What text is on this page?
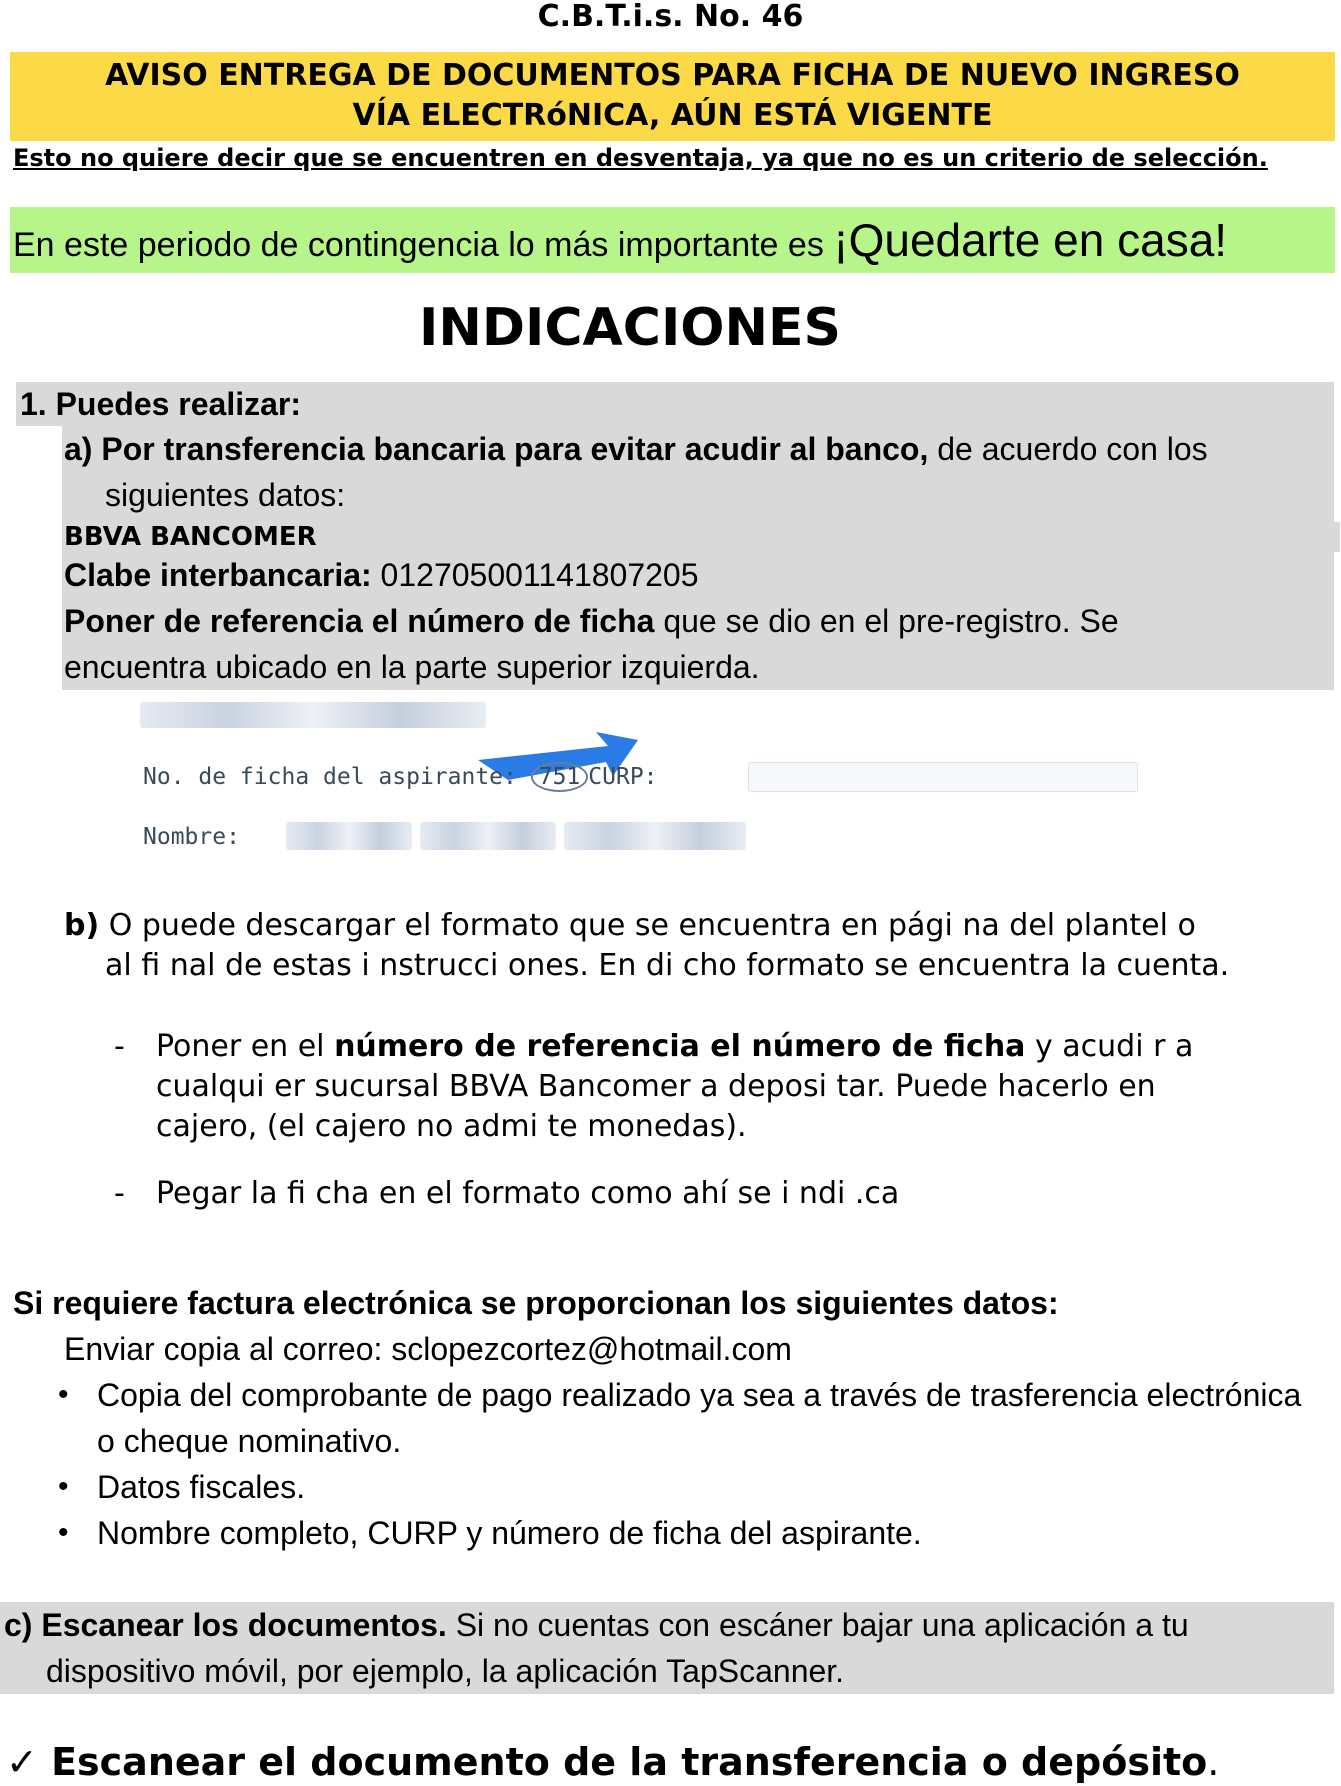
C.B.T.i.s. No. 46
AVISO ENTREGA DE DOCUMENTOS PARA FICHA DE NUEVO INGRESO
VÍA ELECTRóNICA, AÚN ESTÁ VIGENTE
Esto no quiere decir que se encuentren en desventaja, ya que no es un criterio de selección.
En este periodo de contingencia lo más importante es ¡Quedarte en casa!
INDICACIONES
1. Puedes realizar:
a) Por transferencia bancaria para evitar acudir al banco, de acuerdo con los
siguientes datos:
BBVA BANCOMER
Clabe interbancaria: 012705001141807205
Poner de referencia el número de ficha que se dio en el pre-registro. Se
encuentra ubicado en la parte superior izquierda.
No. de ficha del aspirante: 751 CURP:
Nombre:
b) O puede descargar el formato que se encuentra en pági na del plantel o
al fi nal de estas i nstrucci ones. En di cho formato se encuentra la cuenta.
- Poner en el número de referencia el número de ficha y acudi r a
cualqui er sucursal BBVA Bancomer a deposi tar. Puede hacerlo en
cajero, (el cajero no admi te monedas).
- Pegar la fi cha en el formato como ahí se i ndi .ca
Si requiere factura electrónica se proporcionan los siguientes datos:
Enviar copia al correo: sclopezcortez@hotmail.com
• Copia del comprobante de pago realizado ya sea a través de trasferencia electrónica
o cheque nominativo.
• Datos fiscales.
• Nombre completo, CURP y número de ficha del aspirante.
c) Escanear los documentos. Si no cuentas con escáner bajar una aplicación a tu
dispositivo móvil, por ejemplo, la aplicación TapScanner.
✓ Escanear el documento de la transferencia o depósito.
